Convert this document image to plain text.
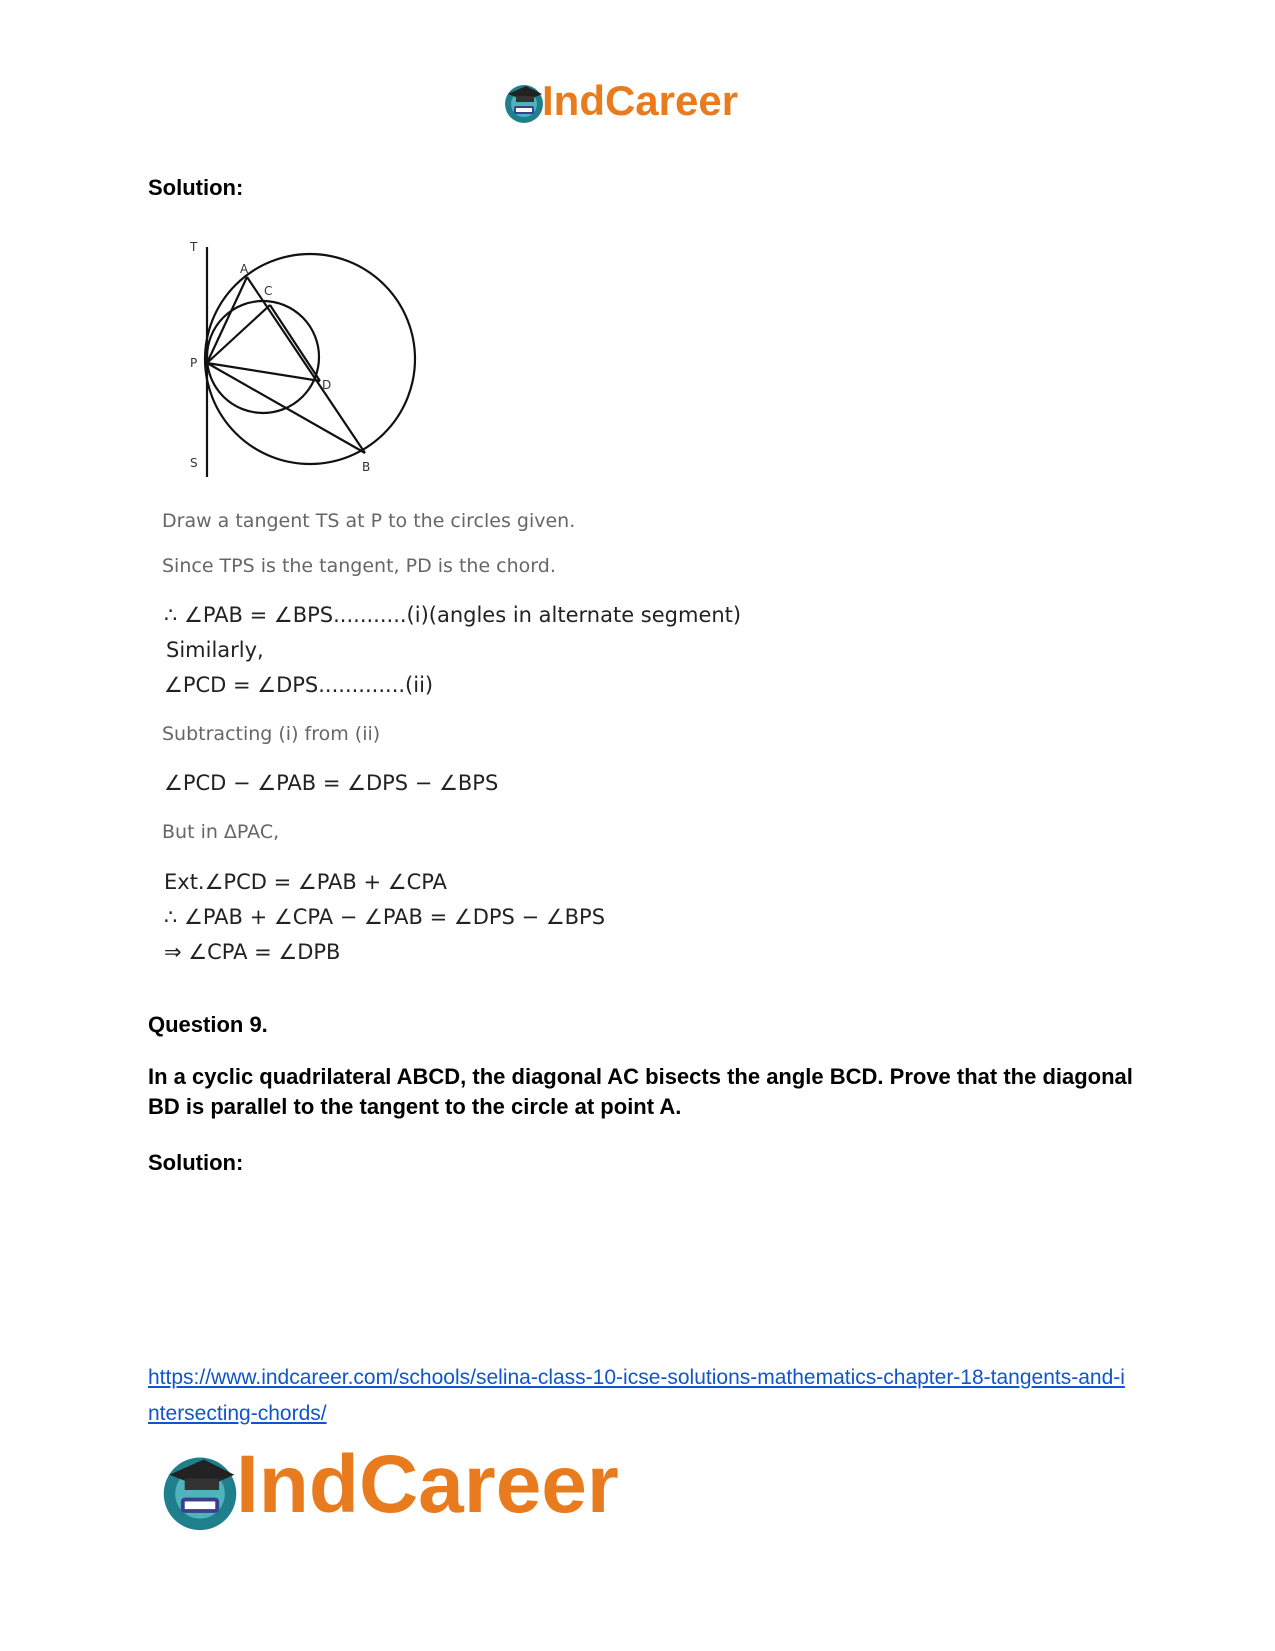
IndCareer
Solution:
T
A
C
P
D
S	B
Draw a tangent TS at P to the circles given.
Since TPS is the tangent, PD is the chord.
∴ ∠PAB = ∠BPS...........(i)(angles in alternate segment)
Similarly,
∠PCD = ∠DPS.............(ii)
Subtracting (i) from (ii)
∠PCD − ∠PAB = ∠DPS − ∠BPS
But in ΔPAC,
Ext.∠PCD = ∠PAB + ∠CPA
∴ ∠PAB + ∠CPA − ∠PAB = ∠DPS − ∠BPS
⇒ ∠CPA = ∠DPB
Question 9.
In a cyclic quadrilateral ABCD, the diagonal AC bisects the angle BCD. Prove that the diagonal BD is parallel to the tangent to the circle at point A.
Solution:
https://www.indcareer.com/schools/selina-class-10-icse-solutions-mathematics-chapter-18-tangents-and-intersecting-chords/
IndCareer
